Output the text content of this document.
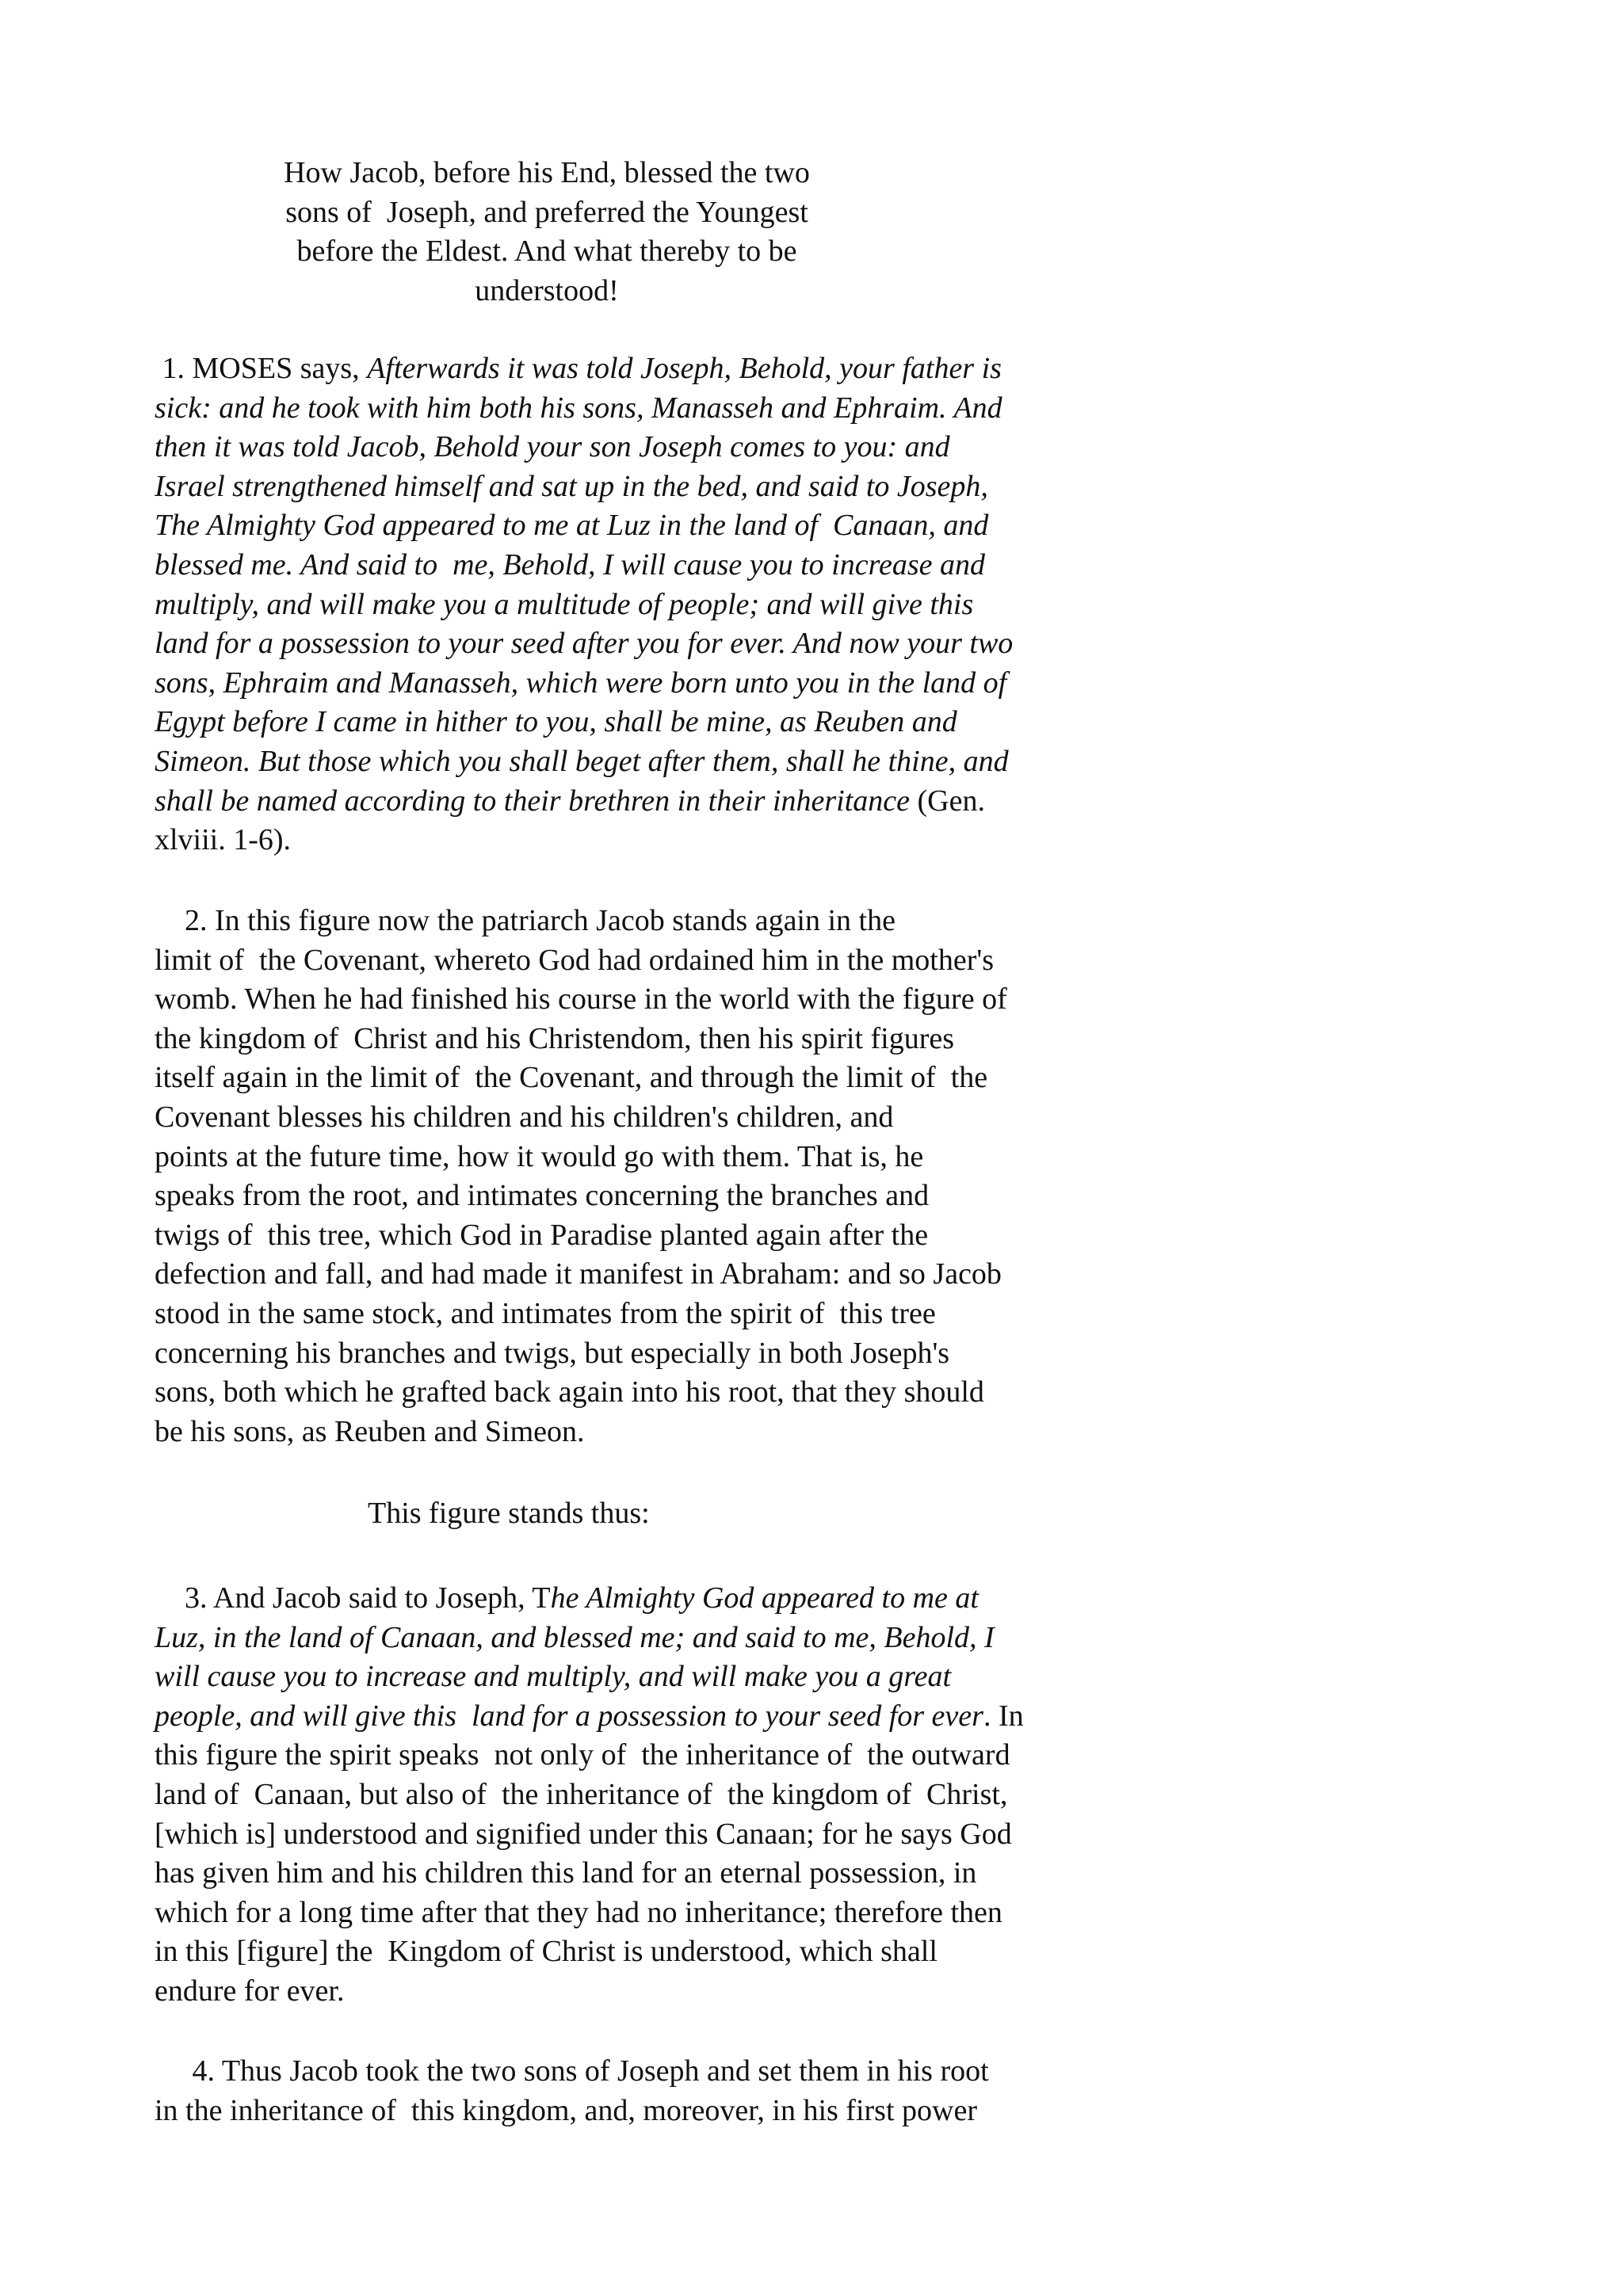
How Jacob, before his End, blessed the two
sons of  Joseph, and preferred the Youngest
before the Eldest. And what thereby to be
understood!
1. MOSES says, Afterwards it was told Joseph, Behold, your father is
sick: and he took with him both his sons, Manasseh and Ephraim. And
then it was told Jacob, Behold your son Joseph comes to you: and
Israel strengthened himself and sat up in the bed, and said to Joseph,
The Almighty God appeared to me at Luz in the land of  Canaan, and
blessed me. And said to  me, Behold, I will cause you to increase and
multiply, and will make you a multitude of people; and will give this
land for a possession to your seed after you for ever. And now your two
sons, Ephraim and Manasseh, which were born unto you in the land of
Egypt before I came in hither to you, shall be mine, as Reuben and
Simeon. But those which you shall beget after them, shall he thine, and
shall be named according to their brethren in their inheritance (Gen.
xlviii. 1-6).
2. In this figure now the patriarch Jacob stands again in the
limit of  the Covenant, whereto God had ordained him in the mother's
womb. When he had finished his course in the world with the figure of
the kingdom of  Christ and his Christendom, then his spirit figures
itself again in the limit of  the Covenant, and through the limit of  the
Covenant blesses his children and his children's children, and
points at the future time, how it would go with them. That is, he
speaks from the root, and intimates concerning the branches and
twigs of  this tree, which God in Paradise planted again after the
defection and fall, and had made it manifest in Abraham: and so Jacob
stood in the same stock, and intimates from the spirit of  this tree
concerning his branches and twigs, but especially in both Joseph's
sons, both which he grafted back again into his root, that they should
be his sons, as Reuben and Simeon.
This figure stands thus:
3. And Jacob said to Joseph, The Almighty God appeared to me at
Luz, in the land of Canaan, and blessed me; and said to me, Behold, I
will cause you to increase and multiply, and will make you a great
people, and will give this  land for a possession to your seed for ever. In
this figure the spirit speaks  not only of  the inheritance of  the outward
land of  Canaan, but also of  the inheritance of  the kingdom of  Christ,
[which is] understood and signified under this Canaan; for he says God
has given him and his children this land for an eternal possession, in
which for a long time after that they had no inheritance; therefore then
in this [figure] the  Kingdom of Christ is understood, which shall
endure for ever.
4. Thus Jacob took the two sons of Joseph and set them in his root
in the inheritance of  this kingdom, and, moreover, in his first power
